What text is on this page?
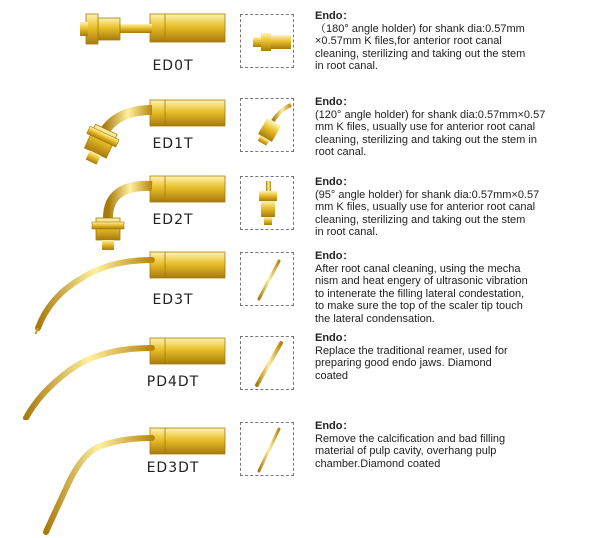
ED0T
Endo：
（180° angle holder) for shank dia:0.57mm
×0.57mm K files,for anterior root canal
cleaning, sterilizing and taking out the stem
in root canal.
ED1T
Endo：
(120° angle holder) for shank dia:0.57mm×0.57
mm K files, usually use for anterior root canal
cleaning, sterilizing and taking out the stem in
root canal.
ED2T
Endo：
(95° angle holder) for shank dia:0.57mm×0.57
mm K files, usually use for anterior root canal
cleaning, sterilizing and taking out the stem
in root canal.
ED3T
Endo：
After root canal cleaning, using the mecha
nism and heat engery of ultrasonic vibration
to intenerate the filling lateral condestation,
to make sure the top of the scaler tip touch
the lateral condensation.
PD4DT
Endo：
Replace the traditional reamer, used for
preparing good endo jaws. Diamond
coated
ED3DT
Endo：
Remove the calcification and bad filling
material of pulp cavity, overhang pulp
chamber.Diamond coated
